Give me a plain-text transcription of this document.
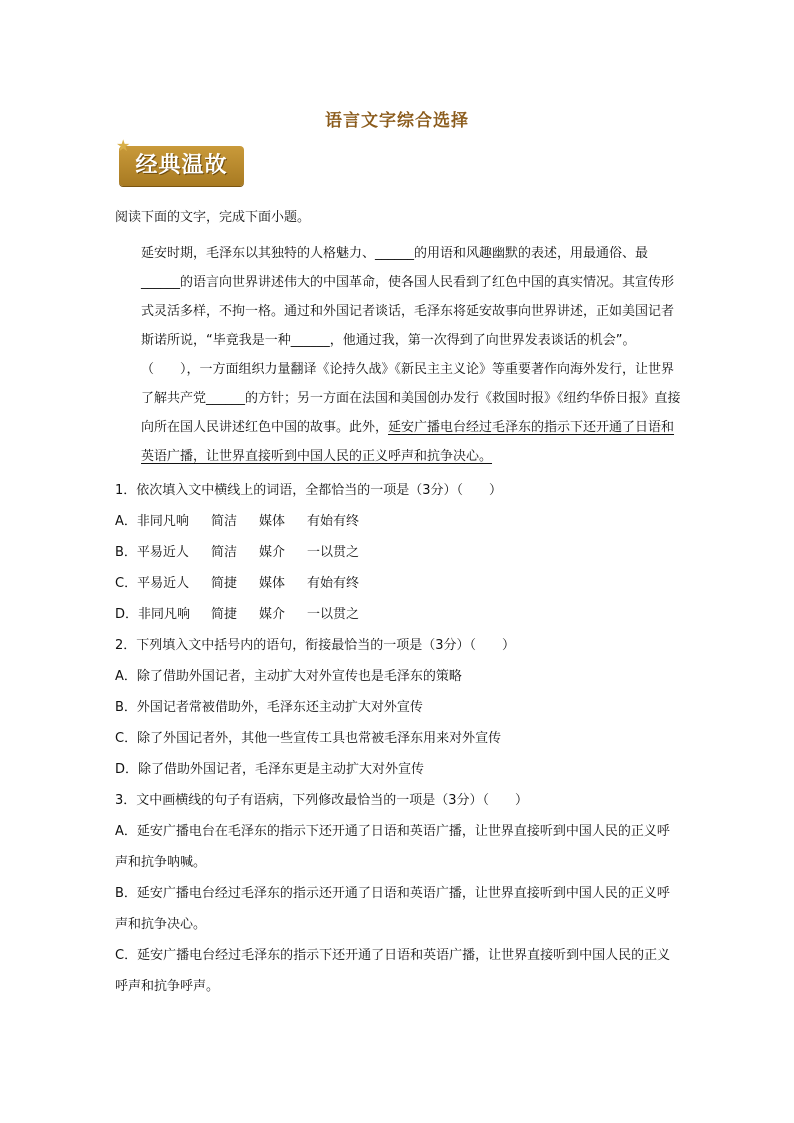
语言文字综合选择
★
经典温故
阅读下面的文字，完成下面小题。
延安时期，毛泽东以其独特的人格魅力、______的用语和风趣幽默的表述，用最通俗、最______的语言向世界讲述伟大的中国革命，使各国人民看到了红色中国的真实情况。其宣传形式灵活多样，不拘一格。通过和外国记者谈话，毛泽东将延安故事向世界讲述，正如美国记者斯诺所说，“毕竟我是一种______，他通过我，第一次得到了向世界发表谈话的机会”。（　　），一方面组织力量翻译《论持久战》《新民主主义论》等重要著作向海外发行，让世界了解共产党______的方针；另一方面在法国和美国创办发行《救国时报》《纽约华侨日报》直接向所在国人民讲述红色中国的故事。此外，延安广播电台经过毛泽东的指示下还开通了日语和英语广播，让世界直接听到中国人民的正义呼声和抗争决心。
1．依次填入文中横线上的词语，全都恰当的一项是（3分）（　　）
A．非同凡响 简洁 媒体 有始有终
B．平易近人 简洁 媒介 一以贯之
C．平易近人 简捷 媒体 有始有终
D．非同凡响 简捷 媒介 一以贯之
2．下列填入文中括号内的语句，衔接最恰当的一项是（3分）（　　）
A．除了借助外国记者，主动扩大对外宣传也是毛泽东的策略
B．外国记者常被借助外，毛泽东还主动扩大对外宣传
C．除了外国记者外，其他一些宣传工具也常被毛泽东用来对外宣传
D．除了借助外国记者，毛泽东更是主动扩大对外宣传
3．文中画横线的句子有语病，下列修改最恰当的一项是（3分）（　　）
A．延安广播电台在毛泽东的指示下还开通了日语和英语广播，让世界直接听到中国人民的正义呼声和抗争呐喊。
B．延安广播电台经过毛泽东的指示还开通了日语和英语广播，让世界直接听到中国人民的正义呼声和抗争决心。
C．延安广播电台经过毛泽东的指示下还开通了日语和英语广播，让世界直接听到中国人民的正义呼声和抗争呼声。
